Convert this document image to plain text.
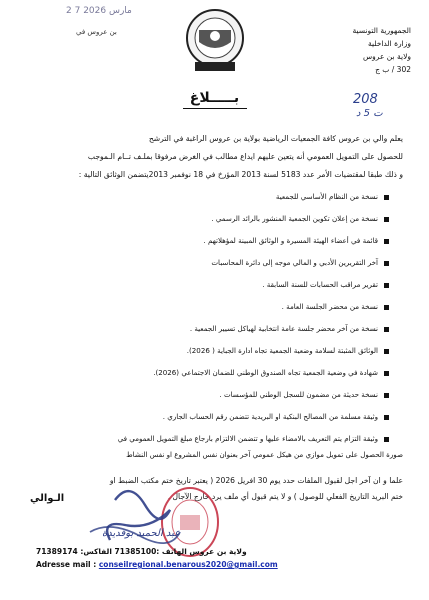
2 7 مارس 2026
بن عروس في	الجمهورية التونسية
وزارة الداخلية
ولاية بن عروس
302 / ب ج
208
ت 5 د
بـــــلاغ
يعلم والي بن عروس كافة الجمعيات الرياضية بولاية بن عروس الراغبة في الترشح
للحصول على التمويل العمومي أنه يتعين عليهم ايداع مطالب في الغرض مرفوقا بملـف تــام الـموجب
و ذلك طبقا لمقتضيات الأمر عدد 5183 لسنة 2013 المؤرخ في 18 نوفمبر 2013يتضمن الوثائق التالية :
نسخة من النظام الأساسي للجمعية
نسخة من إعلان تكوين الجمعية المنشور بالرائد الرسمي .
قائمة في أعضاء الهيئة المسيرة و الوثائق المبينة لمؤهلاتهم .
آخر التقريرين الأدبي و المالي موجه إلى دائرة المحاسبات
تقرير مراقب الحسابات للسنة السابقة .
نسخة من محضر الجلسة العامة .
نسخة من آخر محضر جلسة عامة انتخابية لهياكل تسيير الجمعية .
الوثائق المثبتة لسلامة وضعية الجمعية تجاه ادارة الجباية ( 2026).
شهادة في وضعية الجمعية تجاه الصندوق الوطني للضمان الاجتماعي (2026).
نسخة حديثة من مضمون للسجل الوطني للمؤسسات .
وثيقة مسلمة من المصالح البنكية او البريدية تتضمن رقم الحساب الجاري .
وثيقة التزام يتم التعريف بالامضاء عليها و تتضمن الالتزام بارجاع مبلغ التمويل العمومي في
صورة الحصول على تمويل موازي من هيكل عمومي آخر بعنوان نفس المشروع او نفس النشاط
علما و ان آخر اجل لقبول الملفات حدد يوم 30 افريل 2026 ( يعتبر تاريخ ختم مكتب الضبط او
ختم البريد التاريخ الفعلي للوصول ) و لا يتم قبول أي ملف يرد خارج الآجال .
الـوالي
عبد الحميد بوقديدة
ولاية بن عروس الهاتف :71385100 الفاكس: 71389174
Adresse mail : conseilregional.benarous2020@gmail.com
